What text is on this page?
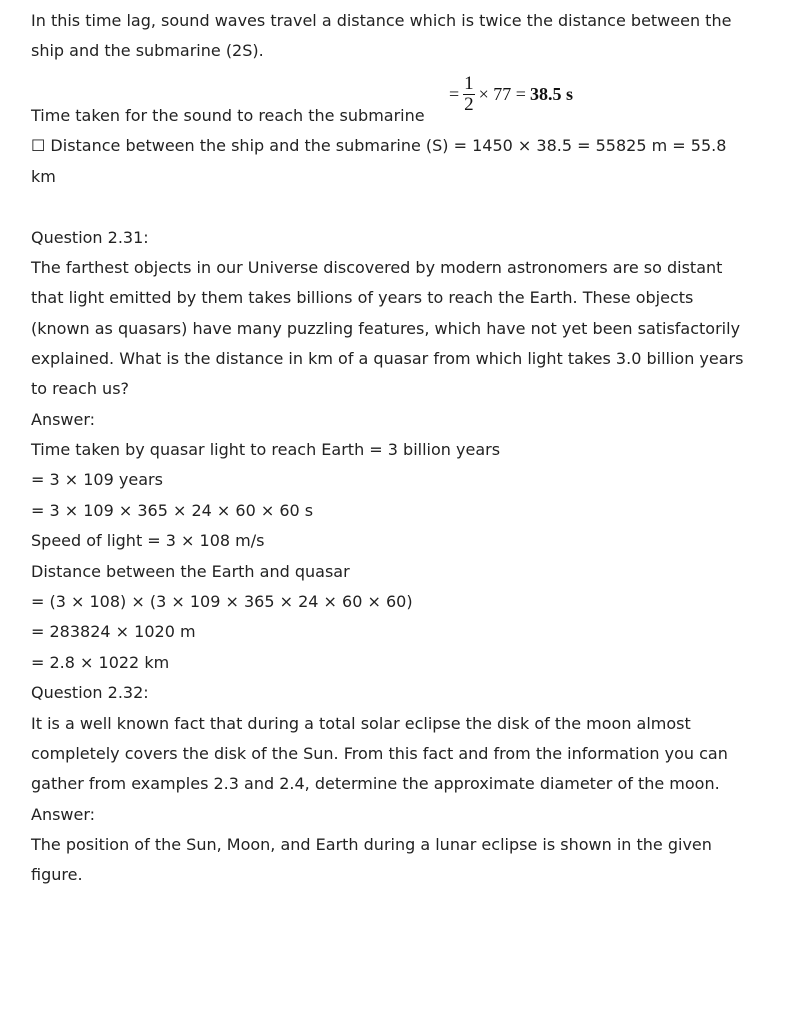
In this time lag, sound waves travel a distance which is twice the distance between the
ship and the submarine (2S).
Time taken for the sound to reach the submarine
= $\frac{1}{2} \times 77 = 38.5$ s
☐ Distance between the ship and the submarine (S) = 1450 × 38.5 = 55825 m = 55.8
km
Question 2.31:
The farthest objects in our Universe discovered by modern astronomers are so distant
that light emitted by them takes billions of years to reach the Earth. These objects
(known as quasars) have many puzzling features, which have not yet been satisfactorily
explained. What is the distance in km of a quasar from which light takes 3.0 billion years
to reach us?
Answer:
Time taken by quasar light to reach Earth = 3 billion years
= 3 × 109 years
= 3 × 109 × 365 × 24 × 60 × 60 s
Speed of light = 3 × 108 m/s
Distance between the Earth and quasar
= (3 × 108) × (3 × 109 × 365 × 24 × 60 × 60)
= 283824 × 1020 m
= 2.8 × 1022 km
Question 2.32:
It is a well known fact that during a total solar eclipse the disk of the moon almost
completely covers the disk of the Sun. From this fact and from the information you can
gather from examples 2.3 and 2.4, determine the approximate diameter of the moon.
Answer:
The position of the Sun, Moon, and Earth during a lunar eclipse is shown in the given
figure.
